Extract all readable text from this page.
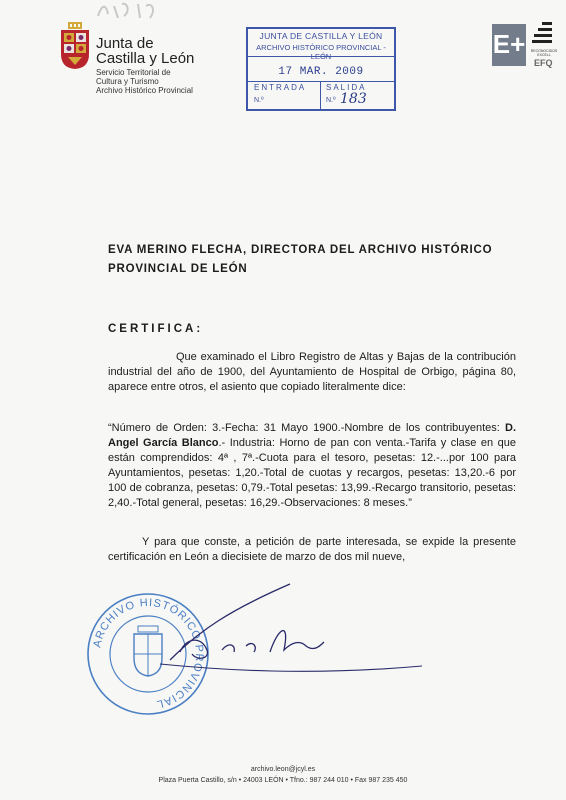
Junta de
Castilla y León
Servicio Territorial de
Cultura y Turismo
Archivo Histórico Provincial
JUNTA DE CASTILLA Y LEÓN
ARCHIVO HISTÓRICO PROVINCIAL - LEÓN
17 MAR. 2009
ENTRADA SALIDA
N.º	N.º 183
E+ RECONOCIDOS EXCELL
EFQ
EVA MERINO FLECHA, DIRECTORA DEL ARCHIVO HISTÓRICO PROVINCIAL DE LEÓN
CERTIFICA:
Que examinado el Libro Registro de Altas y Bajas de la contribución industrial del año de 1900, del Ayuntamiento de Hospital de Orbigo, página 80, aparece entre otros, el asiento que copiado literalmente dice:
“Número de Orden: 3.-Fecha: 31 Mayo 1900.-Nombre de los contribuyentes: D. Angel García Blanco.- Industria: Horno de pan con venta.-Tarifa y clase en que están comprendidos: 4ª , 7ª.-Cuota para el tesoro, pesetas: 12.-...por 100 para Ayuntamientos, pesetas: 1,20.-Total de cuotas y recargos, pesetas: 13,20.-6 por 100 de cobranza, pesetas: 0,79.-Total pesetas: 13,99.-Recargo transitorio, pesetas: 2,40.-Total general, pesetas: 16,29.-Observaciones: 8 meses.”
Y para que conste, a petición de parte interesada, se expide la presente certificación en León a diecisiete de marzo de dos mil nueve,
ARCHIVO HISTÓRICO PROVINCIAL
archivo.leon@jcyl.es
Plaza Puerta Castillo, s/n • 24003 LEÓN • Tfno.: 987 244 010 • Fax 987 235 450
